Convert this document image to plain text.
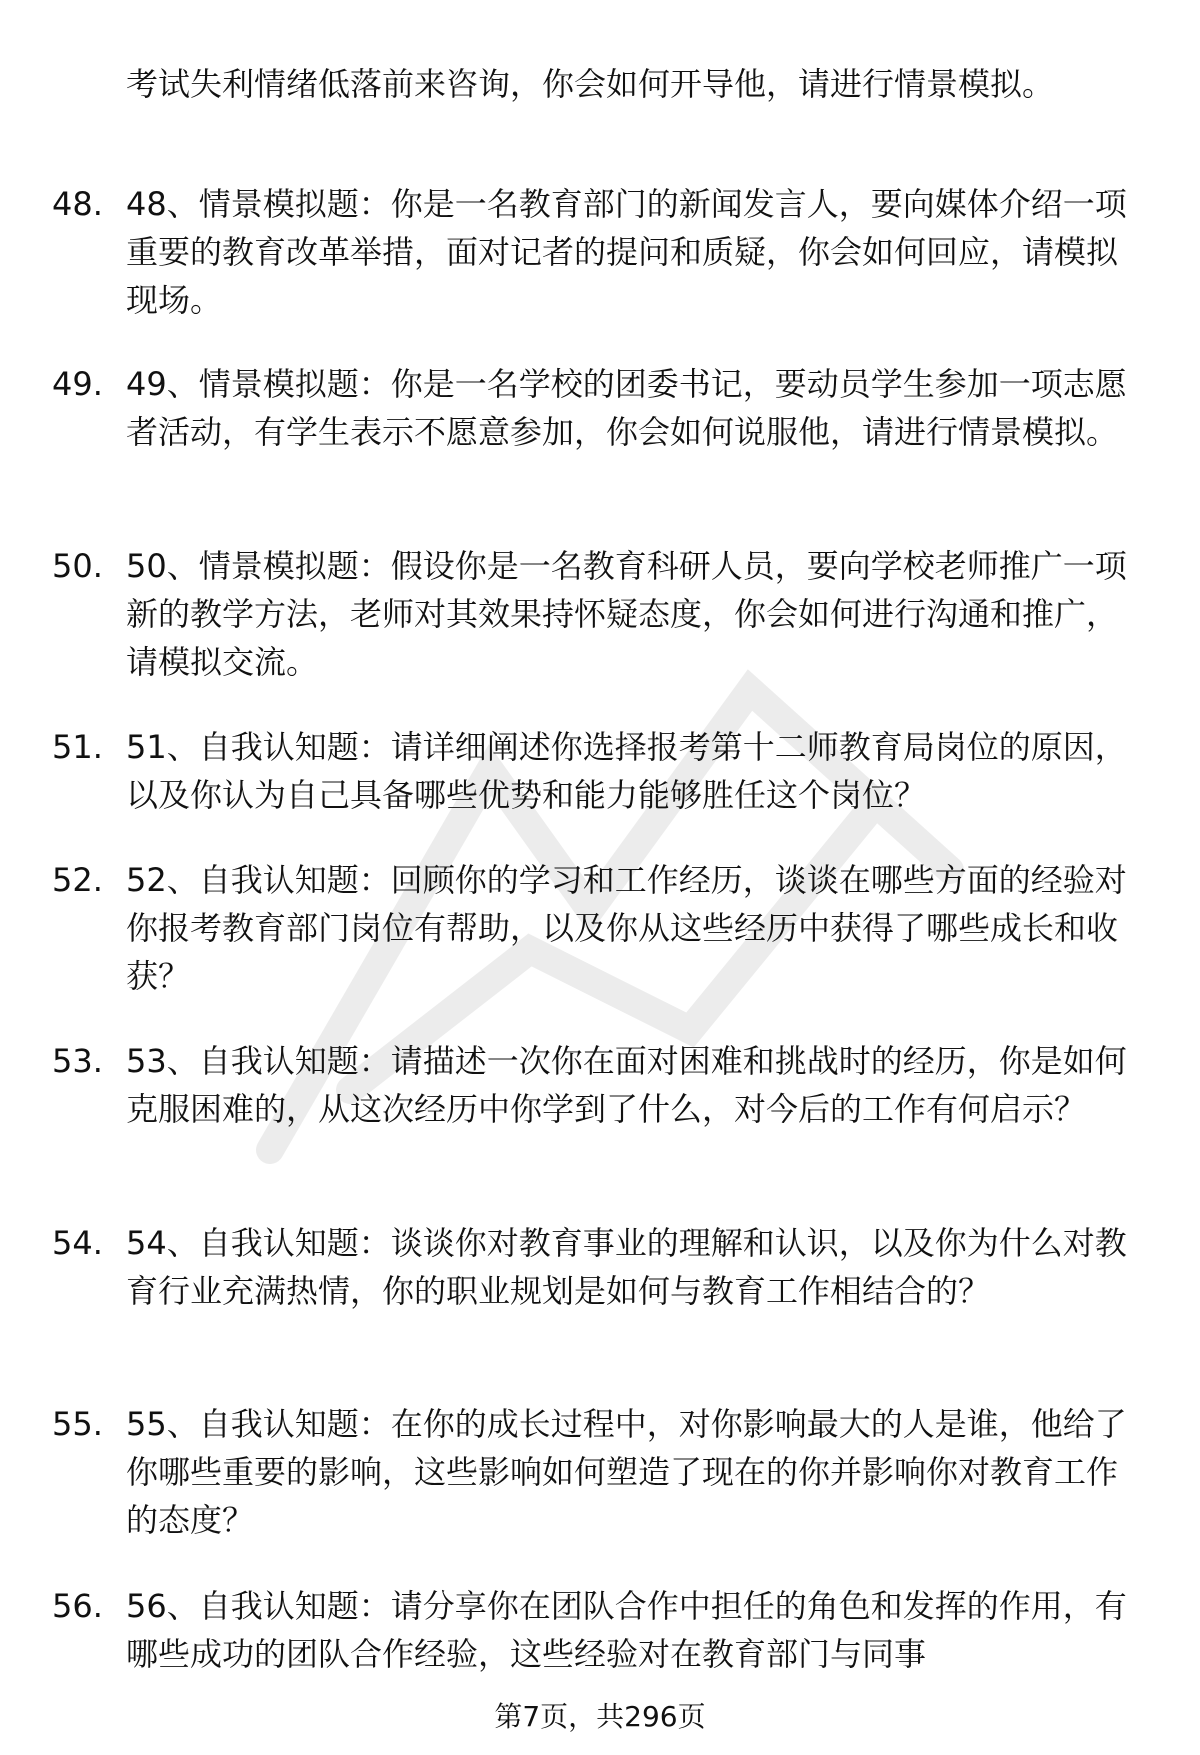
考试失利情绪低落前来咨询，你会如何开导他，请进行情景模拟。
48. 48、情景模拟题：你是一名教育部门的新闻发言人，要向媒体介绍一项重要的教育改革举措，面对记者的提问和质疑，你会如何回应，请模拟现场。
49. 49、情景模拟题：你是一名学校的团委书记，要动员学生参加一项志愿者活动，有学生表示不愿意参加，你会如何说服他，请进行情景模拟。
50. 50、情景模拟题：假设你是一名教育科研人员，要向学校老师推广一项新的教学方法，老师对其效果持怀疑态度，你会如何进行沟通和推广，请模拟交流。
51. 51、自我认知题：请详细阐述你选择报考第十二师教育局岗位的原因，以及你认为自己具备哪些优势和能力能够胜任这个岗位？
52. 52、自我认知题：回顾你的学习和工作经历，谈谈在哪些方面的经验对你报考教育部门岗位有帮助，以及你从这些经历中获得了哪些成长和收获？
53. 53、自我认知题：请描述一次你在面对困难和挑战时的经历，你是如何克服困难的，从这次经历中你学到了什么，对今后的工作有何启示？
54. 54、自我认知题：谈谈你对教育事业的理解和认识，以及你为什么对教育行业充满热情，你的职业规划是如何与教育工作相结合的？
55. 55、自我认知题：在你的成长过程中，对你影响最大的人是谁，他给了你哪些重要的影响，这些影响如何塑造了现在的你并影响你对教育工作的态度？
56. 56、自我认知题：请分享你在团队合作中担任的角色和发挥的作用，有哪些成功的团队合作经验，这些经验对在教育部门与同事
第7页，共296页
